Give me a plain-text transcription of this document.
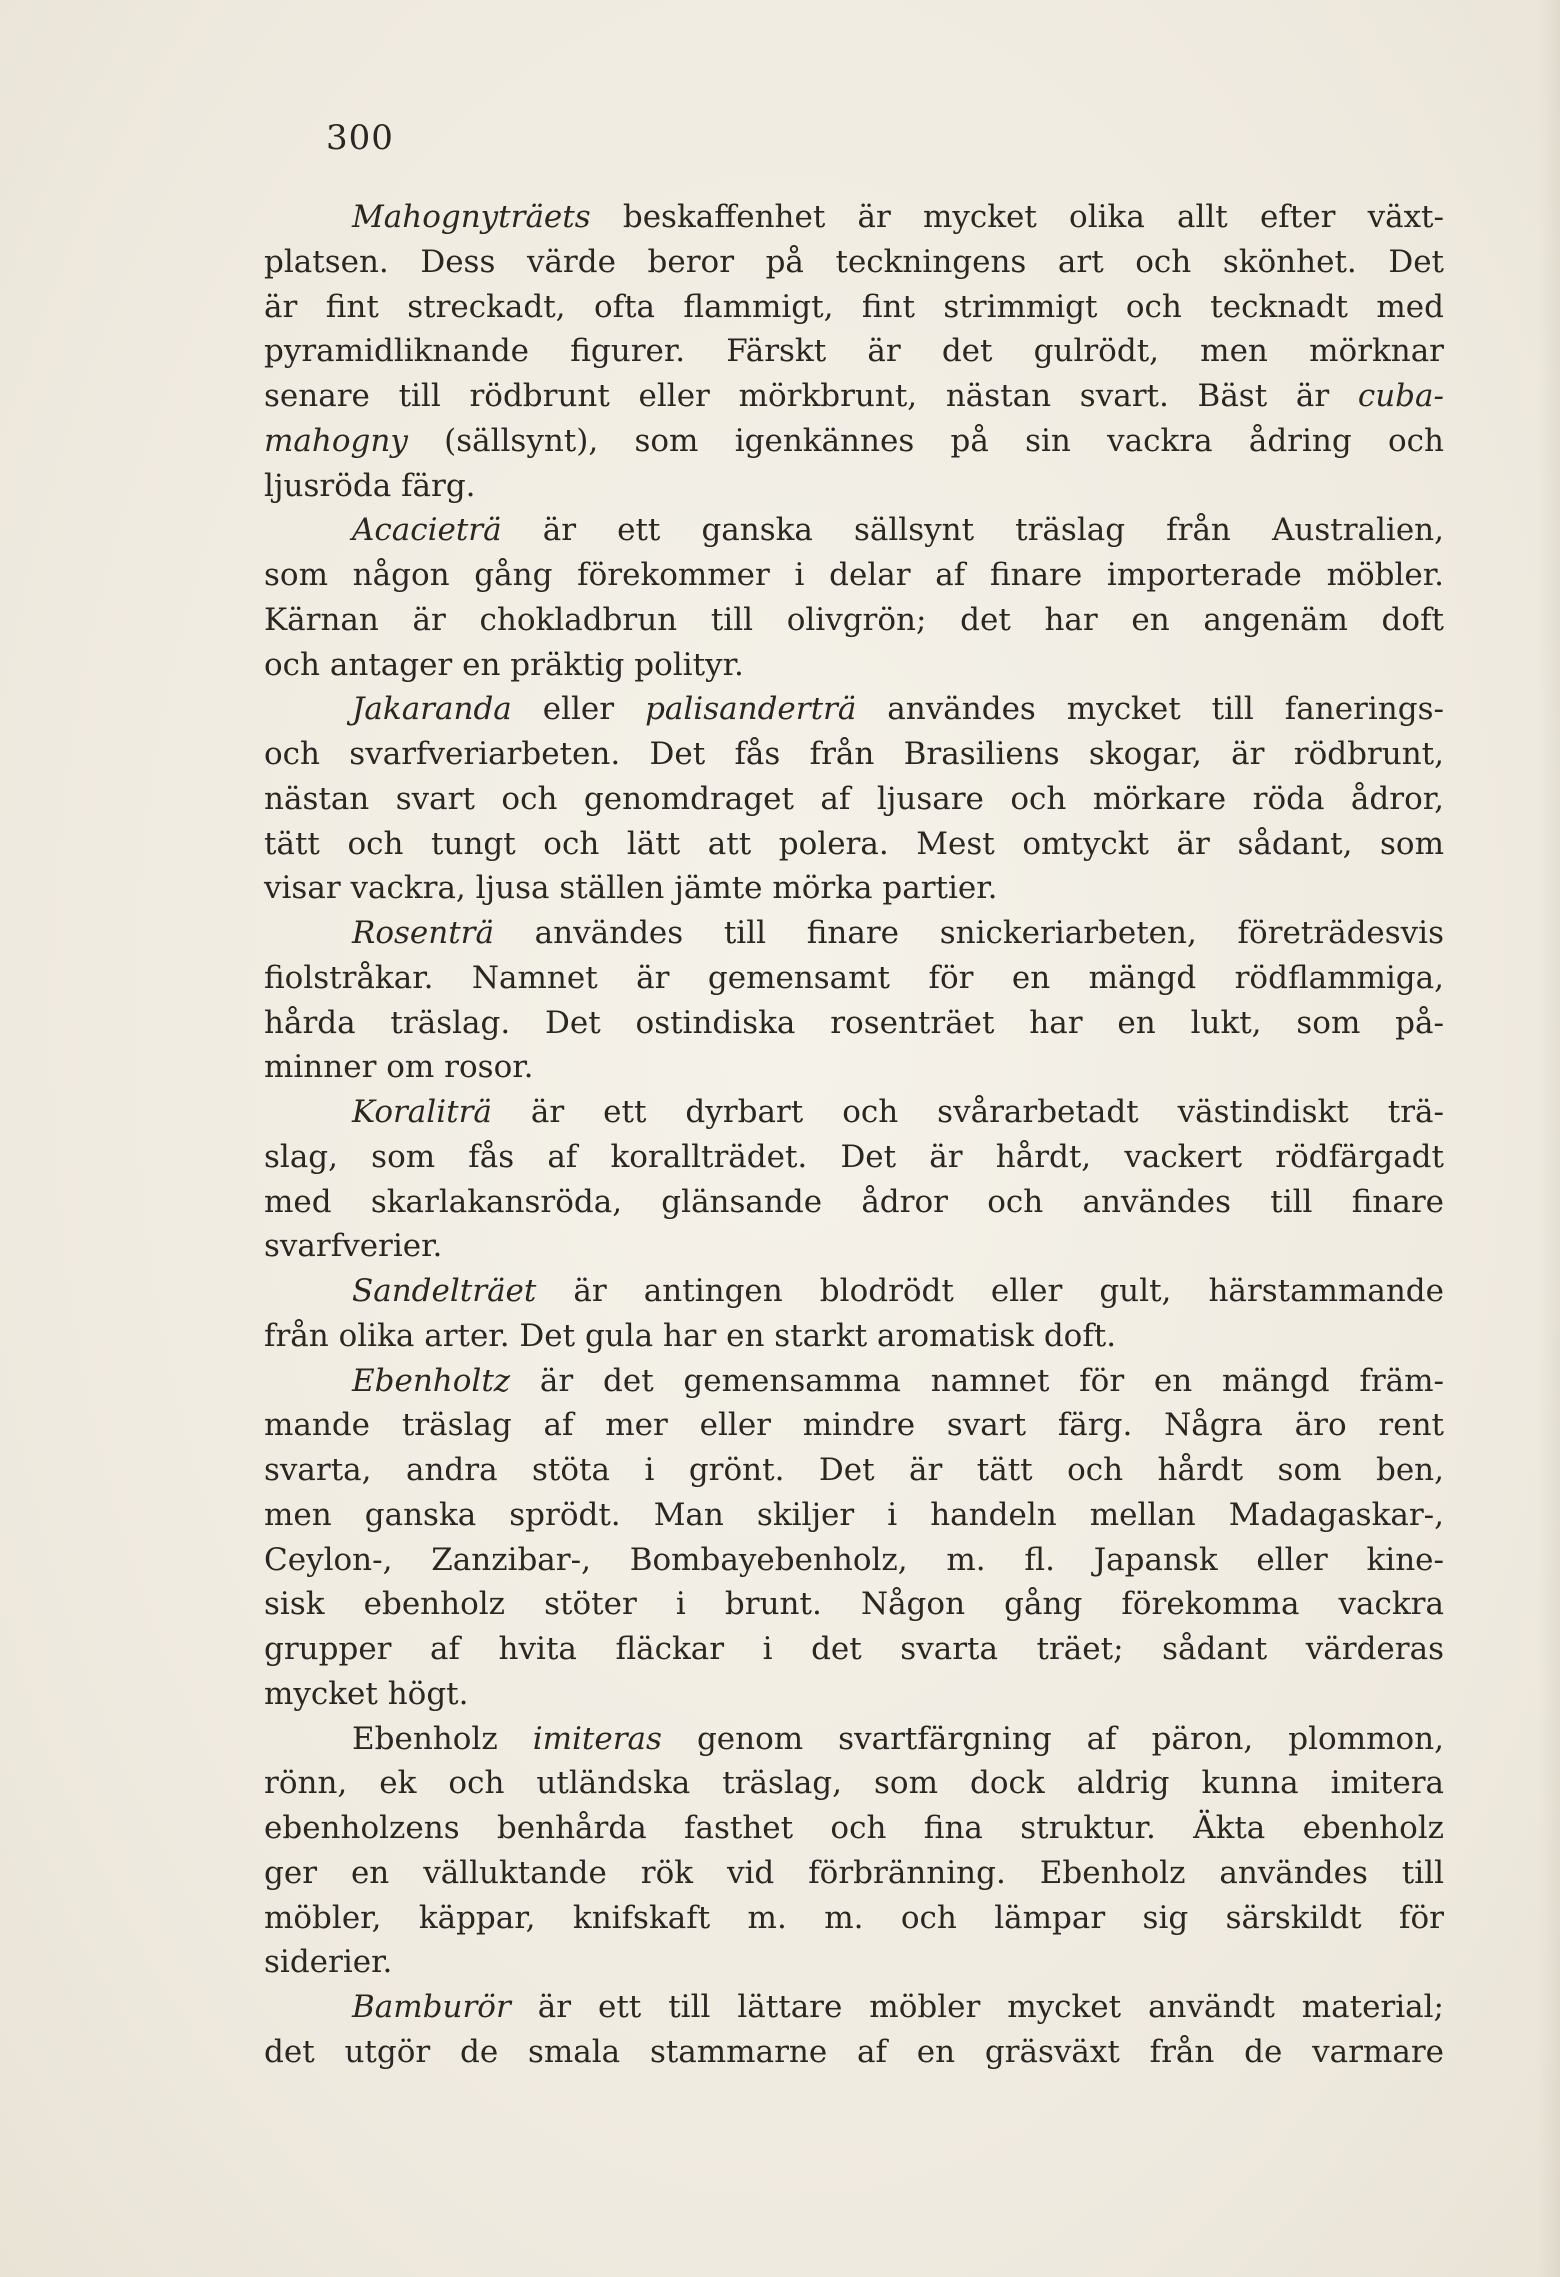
300
Mahognyträets beskaffenhet är mycket olika allt efter växt-
platsen. Dess värde beror på teckningens art och skönhet. Det
är fint streckadt, ofta flammigt, fint strimmigt och tecknadt med
pyramidliknande figurer. Färskt är det gulrödt, men mörknar
senare till rödbrunt eller mörkbrunt, nästan svart. Bäst är cuba-
mahogny (sällsynt), som igenkännes på sin vackra ådring och
ljusröda färg.
Acacieträ är ett ganska sällsynt träslag från Australien,
som någon gång förekommer i delar af finare importerade möbler.
Kärnan är chokladbrun till olivgrön; det har en angenäm doft
och antager en präktig polityr.
Jakaranda eller palisanderträ användes mycket till fanerings-
och svarfveriarbeten. Det fås från Brasiliens skogar, är rödbrunt,
nästan svart och genomdraget af ljusare och mörkare röda ådror,
tätt och tungt och lätt att polera. Mest omtyckt är sådant, som
visar vackra, ljusa ställen jämte mörka partier.
Rosenträ användes till finare snickeriarbeten, företrädesvis
fiolstråkar. Namnet är gemensamt för en mängd rödflammiga,
hårda träslag. Det ostindiska rosenträet har en lukt, som på-
minner om rosor.
Koraliträ är ett dyrbart och svårarbetadt västindiskt trä-
slag, som fås af korallträdet. Det är hårdt, vackert rödfärgadt
med skarlakansröda, glänsande ådror och användes till finare
svarfverier.
Sandelträet är antingen blodrödt eller gult, härstammande
från olika arter. Det gula har en starkt aromatisk doft.
Ebenholtz är det gemensamma namnet för en mängd främ-
mande träslag af mer eller mindre svart färg. Några äro rent
svarta, andra stöta i grönt. Det är tätt och hårdt som ben,
men ganska sprödt. Man skiljer i handeln mellan Madagaskar-,
Ceylon-, Zanzibar-, Bombayebenholz, m. fl. Japansk eller kine-
sisk ebenholz stöter i brunt. Någon gång förekomma vackra
grupper af hvita fläckar i det svarta träet; sådant värderas
mycket högt.
Ebenholz imiteras genom svartfärgning af päron, plommon,
rönn, ek och utländska träslag, som dock aldrig kunna imitera
ebenholzens benhårda fasthet och fina struktur. Äkta ebenholz
ger en välluktande rök vid förbränning. Ebenholz användes till
möbler, käppar, knifskaft m. m. och lämpar sig särskildt för
siderier.
Bamburör är ett till lättare möbler mycket användt material;
det utgör de smala stammarne af en gräsväxt från de varmare
